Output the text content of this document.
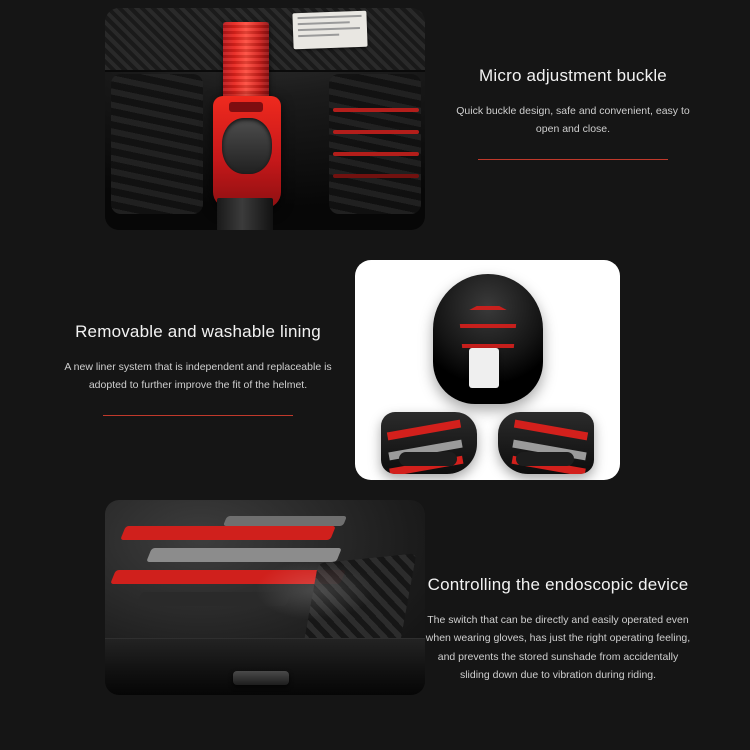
Micro adjustment buckle

Quick buckle design, safe and convenient, easy to open and close.

Removable and washable lining

A new liner system that is independent and replaceable is adopted to further improve the fit of the helmet.

Controlling the endoscopic device

The switch that can be directly and easily operated even when wearing gloves, has just the right operating feeling, and prevents the stored sunshade from accidentally sliding down due to vibration during riding.
